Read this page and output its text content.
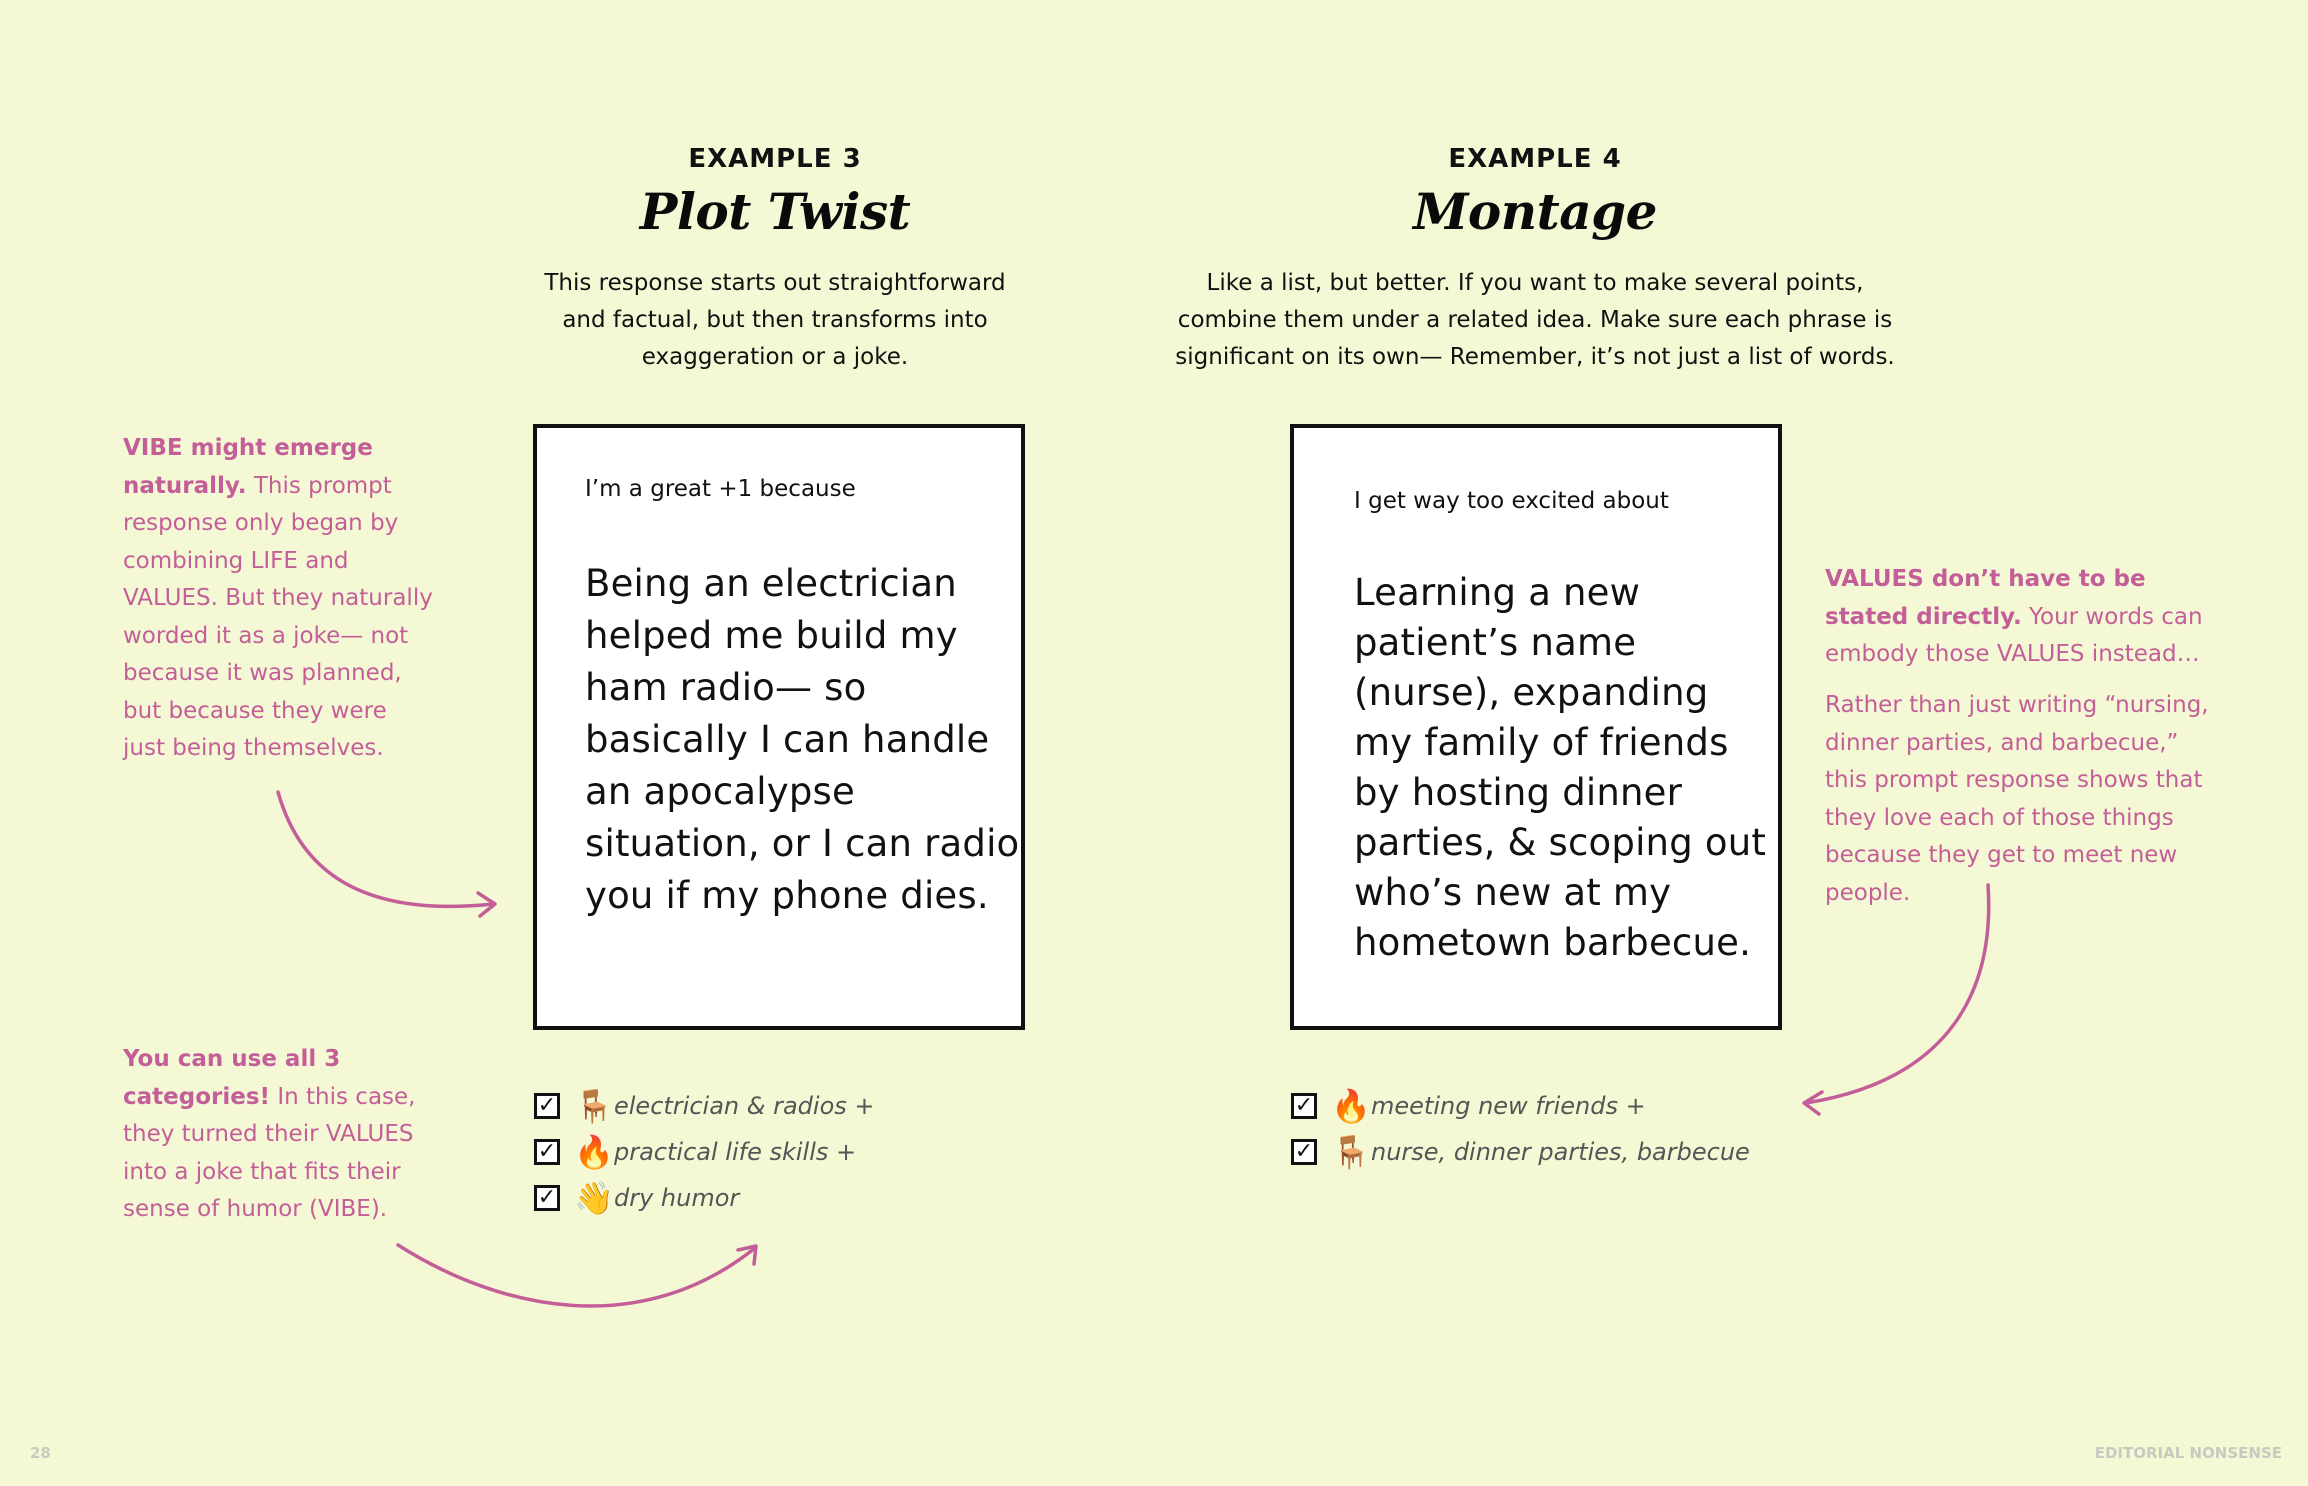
EXAMPLE 3
Plot Twist
This response starts out straightforward and factual, but then transforms into exaggeration or a joke.
EXAMPLE 4
Montage
Like a list, but better. If you want to make several points, combine them under a related idea. Make sure each phrase is significant on its own— Remember, it’s not just a list of words.
I’m a great +1 because
Being an electrician helped me build my ham radio— so basically I can handle an apocalypse situation, or I can radio you if my phone dies.
I get way too excited about
Learning a new patient’s name (nurse), expanding my family of friends by hosting dinner parties, & scoping out who’s new at my hometown barbecue.
✓ 🪑 electrician & radios +
✓ 🔥 practical life skills +
✓ 👋 dry humor
✓ 🔥 meeting new friends +
✓ 🪑 nurse, dinner parties, barbecue
VIBE might emerge naturally. This prompt response only began by combining LIFE and VALUES. But they naturally worded it as a joke— not because it was planned, but because they were just being themselves.
You can use all 3 categories! In this case, they turned their VALUES into a joke that fits their sense of humor (VIBE).
VALUES don’t have to be stated directly. Your words can embody those VALUES instead…
Rather than just writing “nursing, dinner parties, and barbecue,” this prompt response shows that they love each of those things because they get to meet new people.
28	EDITORIAL NONSENSE
